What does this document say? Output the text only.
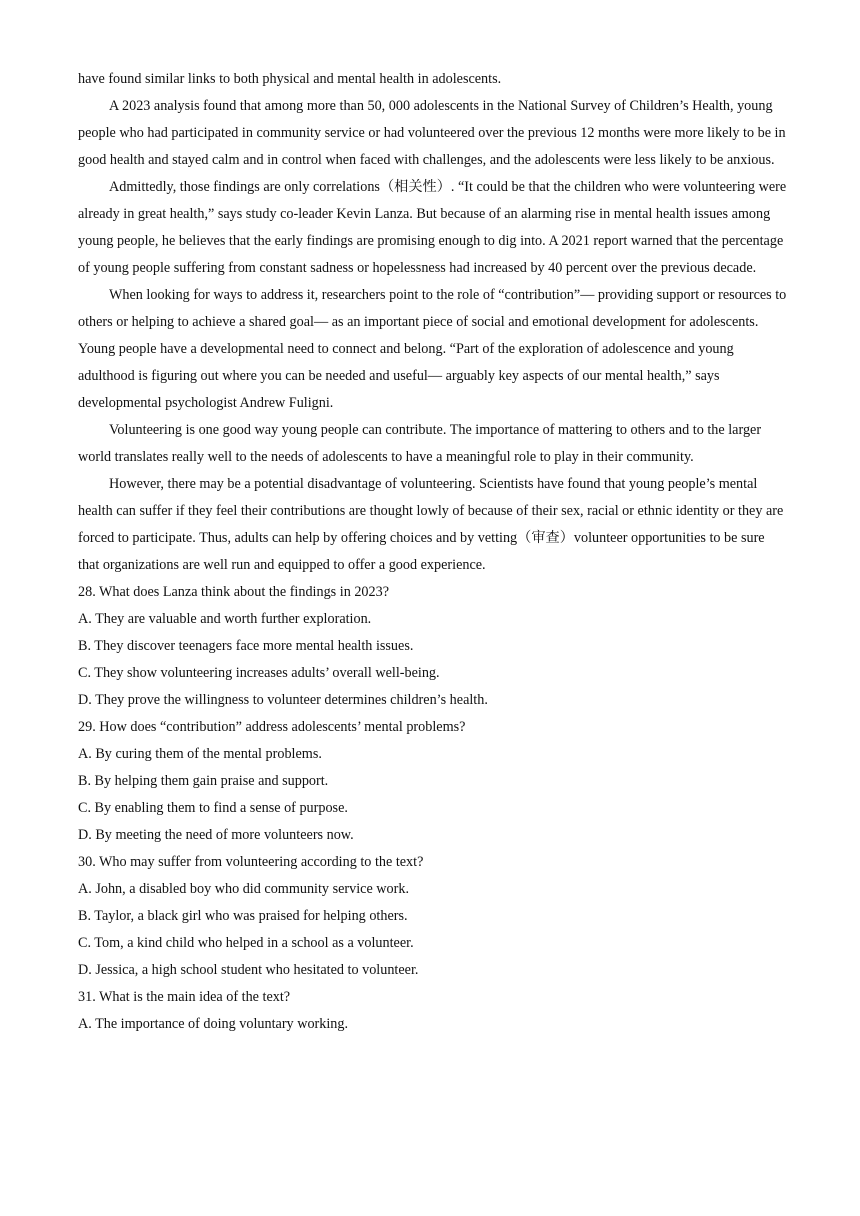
have found similar links to both physical and mental health in adolescents.

A 2023 analysis found that among more than 50, 000 adolescents in the National Survey of Children’s Health, young people who had participated in community service or had volunteered over the previous 12 months were more likely to be in good health and stayed calm and in control when faced with challenges, and the adolescents were less likely to be anxious.

Admittedly, those findings are only correlations（相关性）. “It could be that the children who were volunteering were already in great health,” says study co-leader Kevin Lanza. But because of an alarming rise in mental health issues among young people, he believes that the early findings are promising enough to dig into. A 2021 report warned that the percentage of young people suffering from constant sadness or hopelessness had increased by 40 percent over the previous decade.

When looking for ways to address it, researchers point to the role of “contribution”— providing support or resources to others or helping to achieve a shared goal— as an important piece of social and emotional development for adolescents. Young people have a developmental need to connect and belong. “Part of the exploration of adolescence and young adulthood is figuring out where you can be needed and useful— arguably key aspects of our mental health,” says developmental psychologist Andrew Fuligni.

Volunteering is one good way young people can contribute. The importance of mattering to others and to the larger world translates really well to the needs of adolescents to have a meaningful role to play in their community.

However, there may be a potential disadvantage of volunteering. Scientists have found that young people’s mental health can suffer if they feel their contributions are thought lowly of because of their sex, racial or ethnic identity or they are forced to participate. Thus, adults can help by offering choices and by vetting（审查）volunteer opportunities to be sure that organizations are well run and equipped to offer a good experience.

28. What does Lanza think about the findings in 2023?

A. They are valuable and worth further exploration.

B. They discover teenagers face more mental health issues.

C. They show volunteering increases adults’ overall well-being.

D. They prove the willingness to volunteer determines children’s health.

29. How does “contribution” address adolescents’ mental problems?

A. By curing them of the mental problems.

B. By helping them gain praise and support.

C. By enabling them to find a sense of purpose.

D. By meeting the need of more volunteers now.

30. Who may suffer from volunteering according to the text?

A. John, a disabled boy who did community service work.

B. Taylor, a black girl who was praised for helping others.

C. Tom, a kind child who helped in a school as a volunteer.

D. Jessica, a high school student who hesitated to volunteer.

31. What is the main idea of the text?

A. The importance of doing voluntary working.
